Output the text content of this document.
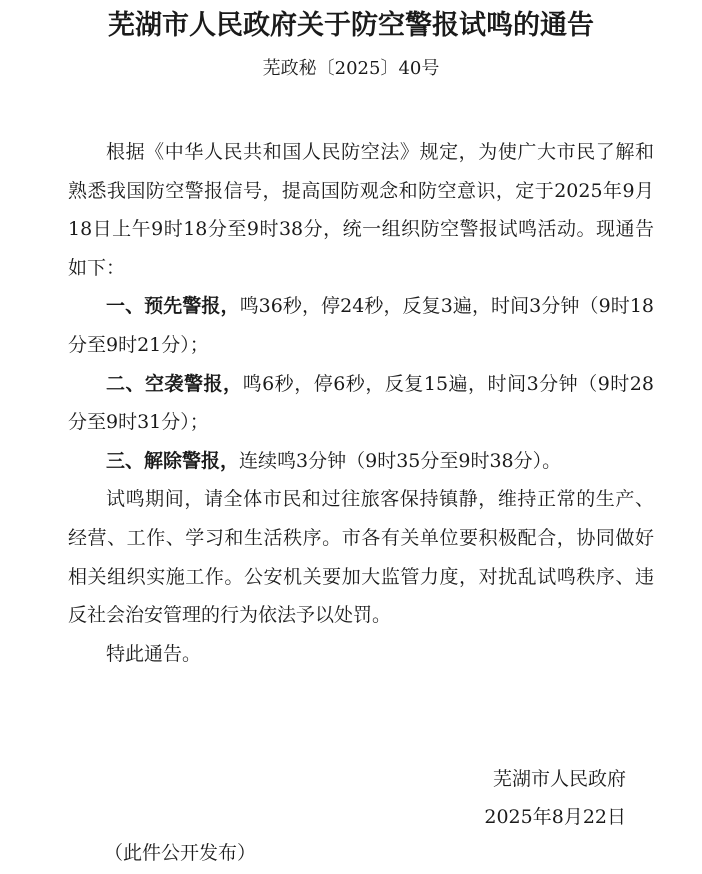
芜湖市人民政府关于防空警报试鸣的通告
芜政秘〔2025〕40号

根据《中华人民共和国人民防空法》规定，为使广大市民了解和熟悉我国防空警报信号，提高国防观念和防空意识，定于2025年9月18日上午9时18分至9时38分，统一组织防空警报试鸣活动。现通告如下：

一、预先警报，鸣36秒，停24秒，反复3遍，时间3分钟（9时18分至9时21分）；

二、空袭警报，鸣6秒，停6秒，反复15遍，时间3分钟（9时28分至9时31分）；

三、解除警报，连续鸣3分钟（9时35分至9时38分）。

试鸣期间，请全体市民和过往旅客保持镇静，维持正常的生产、经营、工作、学习和生活秩序。市各有关单位要积极配合，协同做好相关组织实施工作。公安机关要加大监管力度，对扰乱试鸣秩序、违反社会治安管理的行为依法予以处罚。

特此通告。

芜湖市人民政府
2025年8月22日
（此件公开发布）
